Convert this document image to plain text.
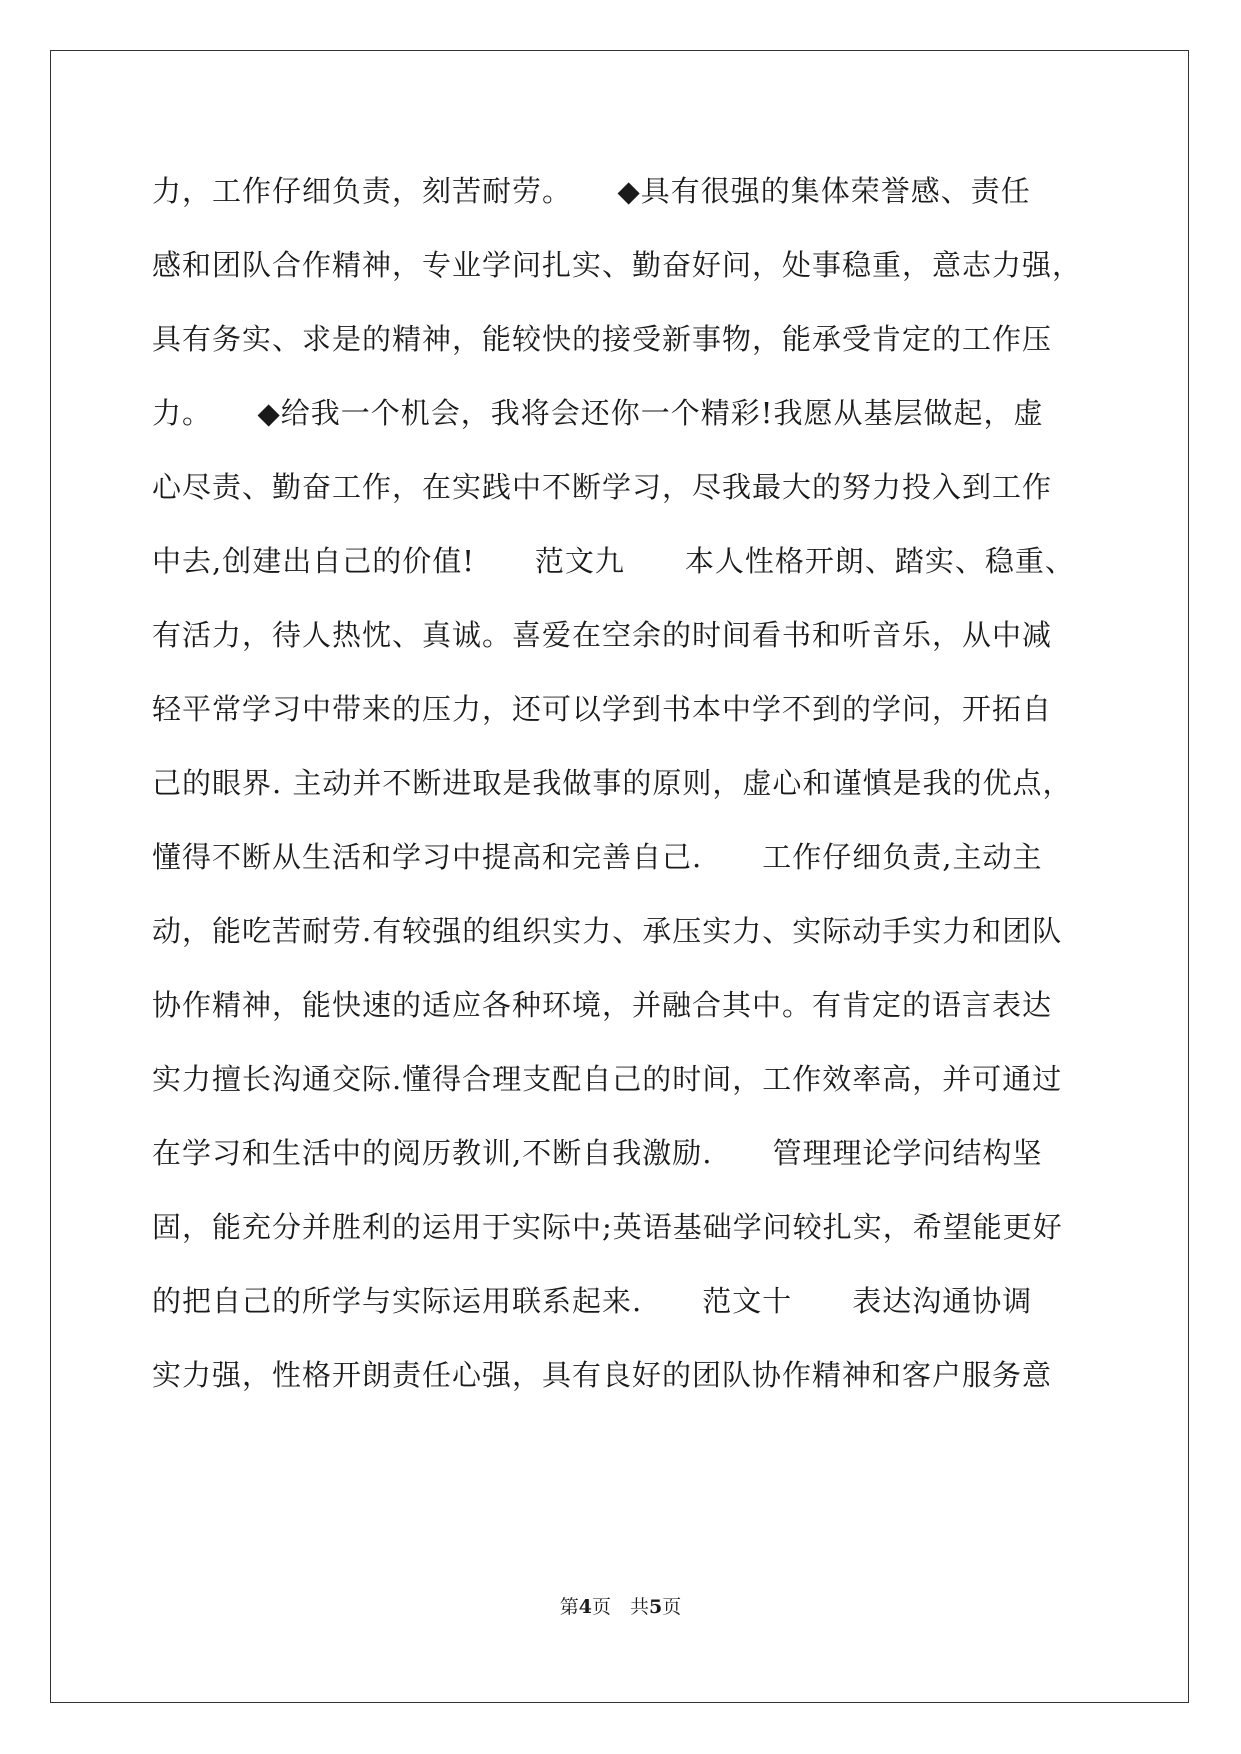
力，工作仔细负责，刻苦耐劳。　　◆具有很强的集体荣誉感、责任
感和团队合作精神，专业学问扎实、勤奋好问，处事稳重，意志力强，
具有务实、求是的精神，能较快的接受新事物，能承受肯定的工作压
力。　　◆给我一个机会，我将会还你一个精彩!我愿从基层做起，虚
心尽责、勤奋工作，在实践中不断学习，尽我最大的努力投入到工作
中去,创建出自己的价值!　　范文九　　本人性格开朗、踏实、稳重、
有活力，待人热忱、真诚。喜爱在空余的时间看书和听音乐，从中减
轻平常学习中带来的压力，还可以学到书本中学不到的学问，开拓自
己的眼界. 主动并不断进取是我做事的原则，虚心和谨慎是我的优点，
懂得不断从生活和学习中提高和完善自己.　　工作仔细负责,主动主
动，能吃苦耐劳.有较强的组织实力、承压实力、实际动手实力和团队
协作精神，能快速的适应各种环境，并融合其中。有肯定的语言表达
实力擅长沟通交际.懂得合理支配自己的时间，工作效率高，并可通过
在学习和生活中的阅历教训,不断自我激励.　　管理理论学问结构坚
固，能充分并胜利的运用于实际中;英语基础学问较扎实，希望能更好
的把自己的所学与实际运用联系起来.　　范文十　　表达沟通协调
实力强，性格开朗责任心强，具有良好的团队协作精神和客户服务意
第4页　共5页
